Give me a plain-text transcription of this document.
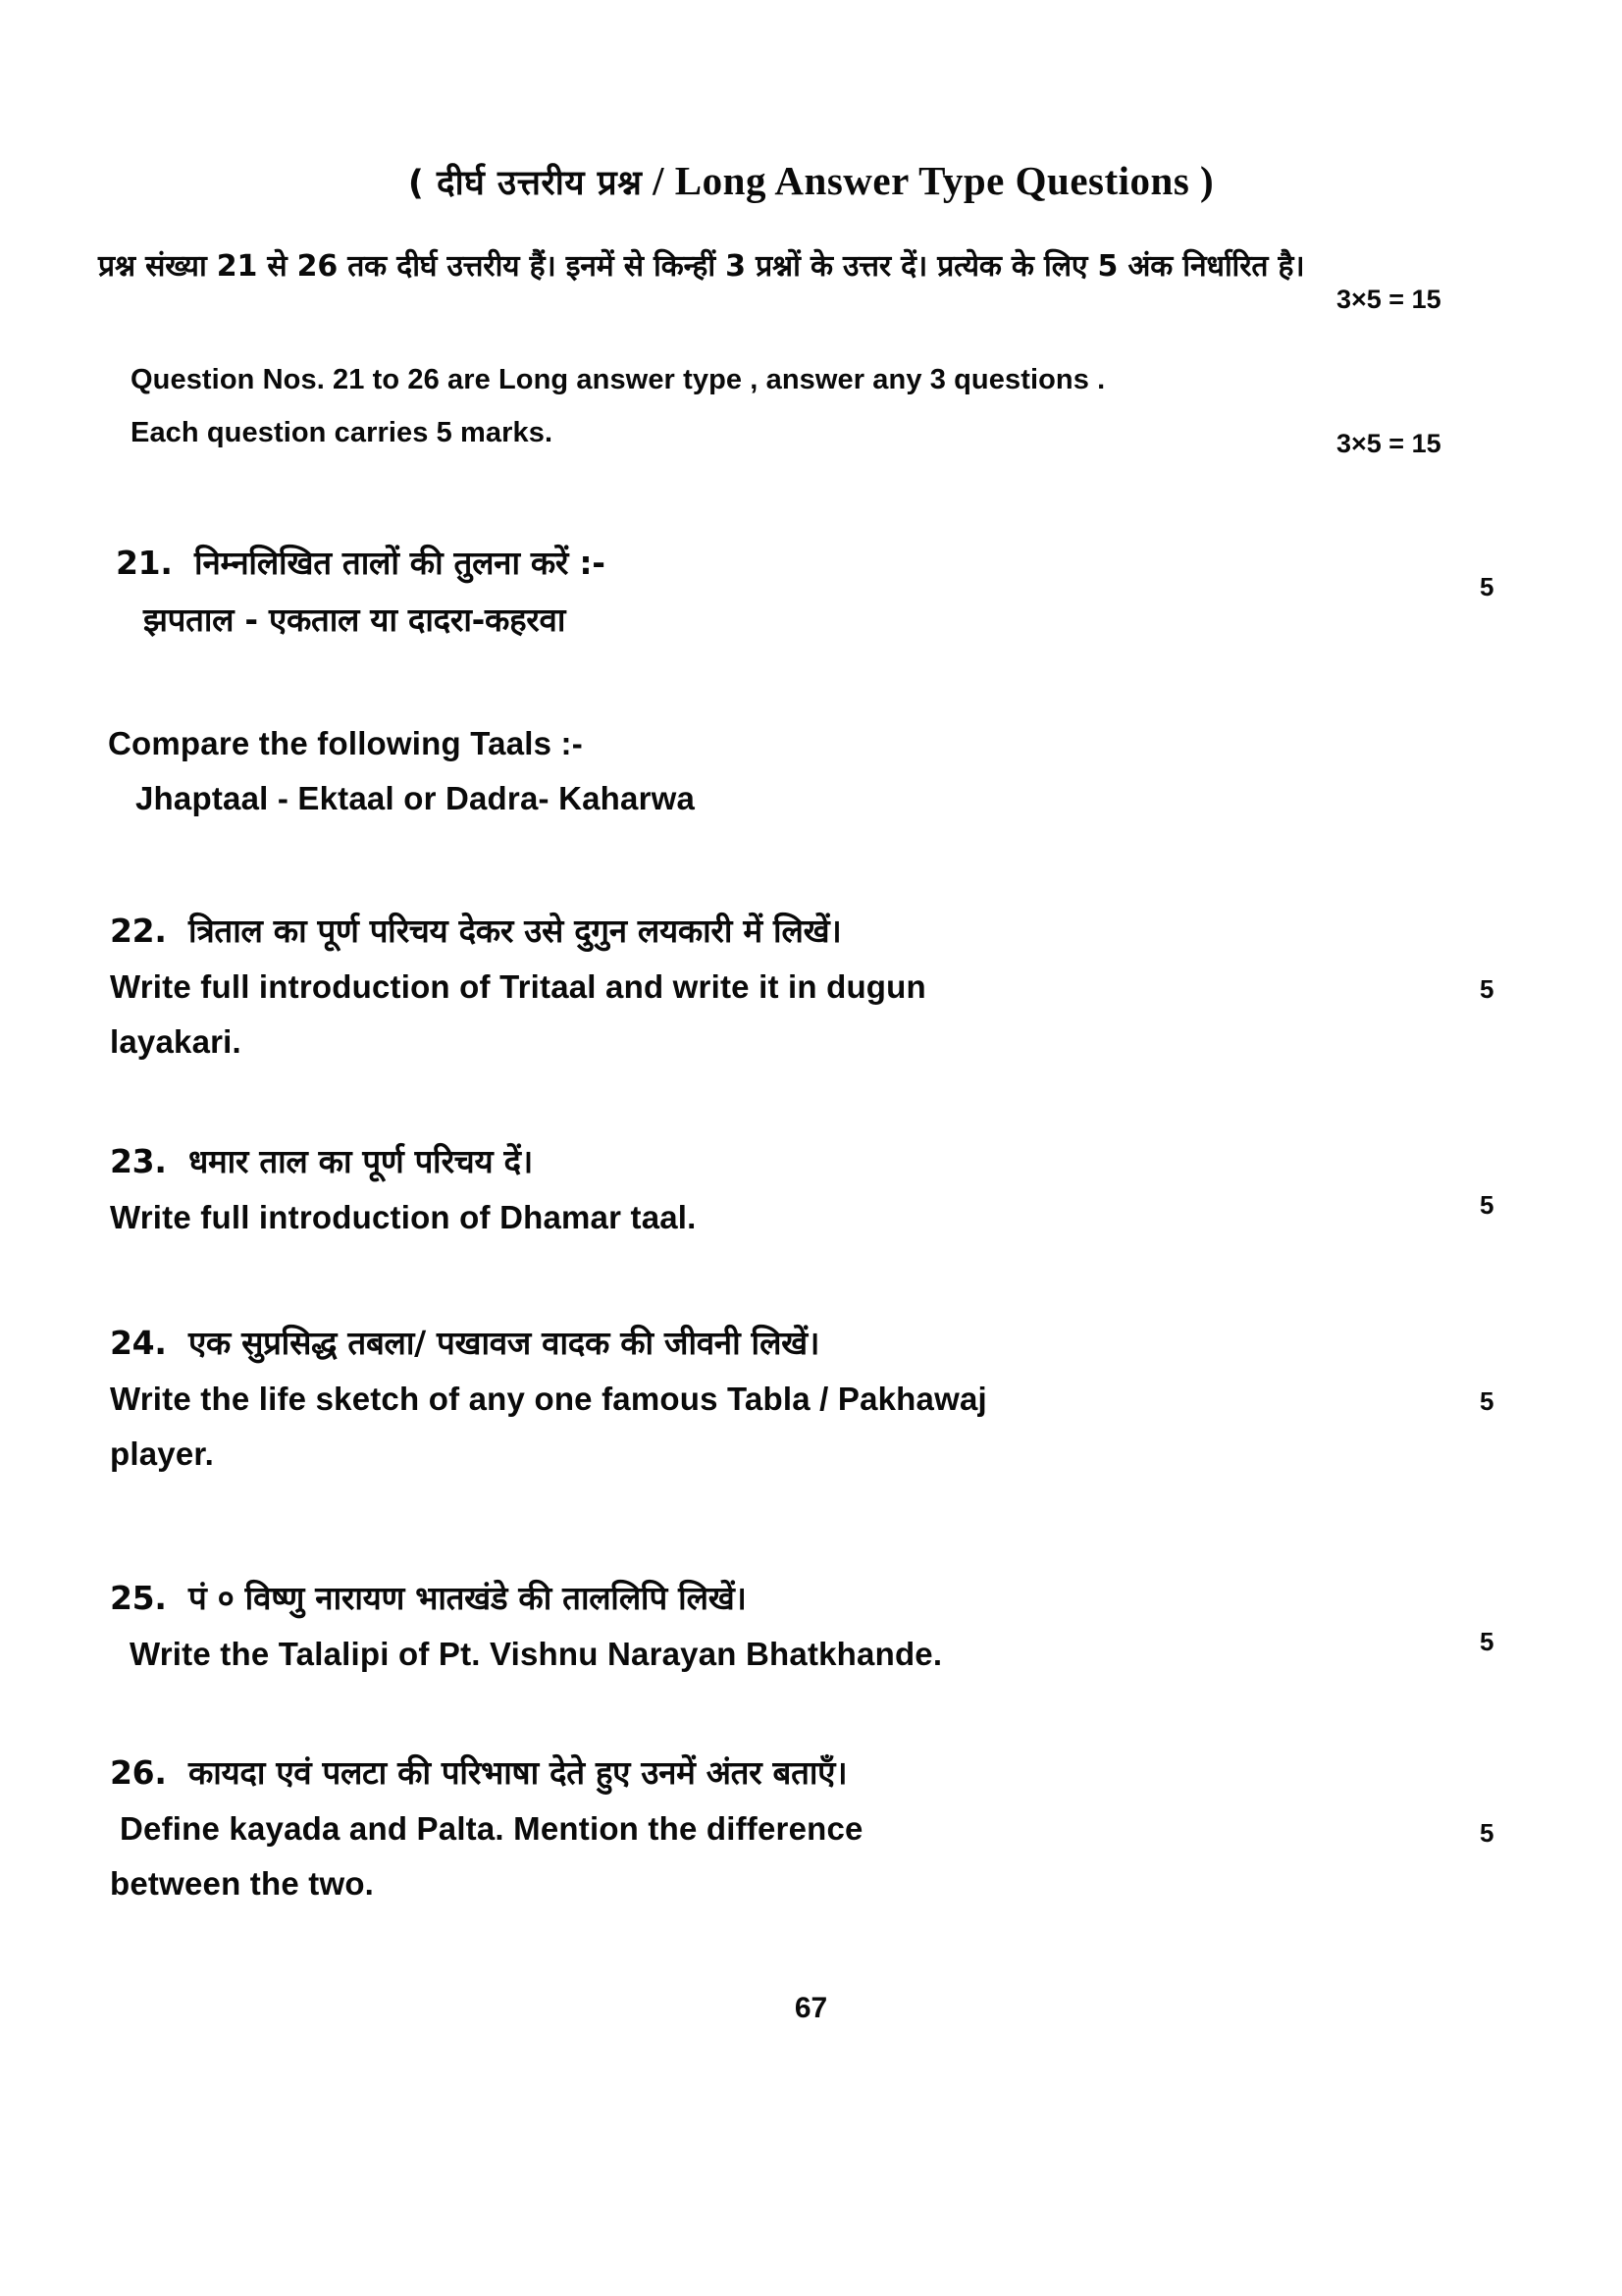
( दीर्घ उत्तरीय प्रश्न / Long Answer Type Questions )
प्रश्न संख्या 21 से 26 तक दीर्घ उत्तरीय हैं। इनमें से किन्हीं 3 प्रश्नों के उत्तर दें। प्रत्येक के लिए 5 अंक निर्धारित है।
3×5 = 15
Question Nos. 21 to 26 are Long answer type , answer any 3 questions .
Each question carries 5 marks.	3×5 = 15
21. निम्नलिखित तालों की तुलना करें :-
झपताल - एकताल या दादरा-कहरवा
Compare the following Taals :-
Jhaptaal - Ektaal or Dadra- Kaharwa
5
22. त्रिताल का पूर्ण परिचय देकर उसे दुगुन लयकारी में लिखें।
Write full introduction of Tritaal and write it in dugun
layakari.
5
23. धमार ताल का पूर्ण परिचय दें।
Write full introduction of Dhamar taal.	5
24. एक सुप्रसिद्ध तबला/ पखावज वादक की जीवनी लिखें।
Write the life sketch of any one famous Tabla / Pakhawaj
player.
5
25. पं ० विष्णु नारायण भातखंडे की ताललिपि लिखें।
Write the Talalipi of Pt. Vishnu Narayan Bhatkhande.	5
26. कायदा एवं पलटा की परिभाषा देते हुए उनमें अंतर बताएँ।
Define kayada and Palta. Mention the difference
between the two.
5
67
